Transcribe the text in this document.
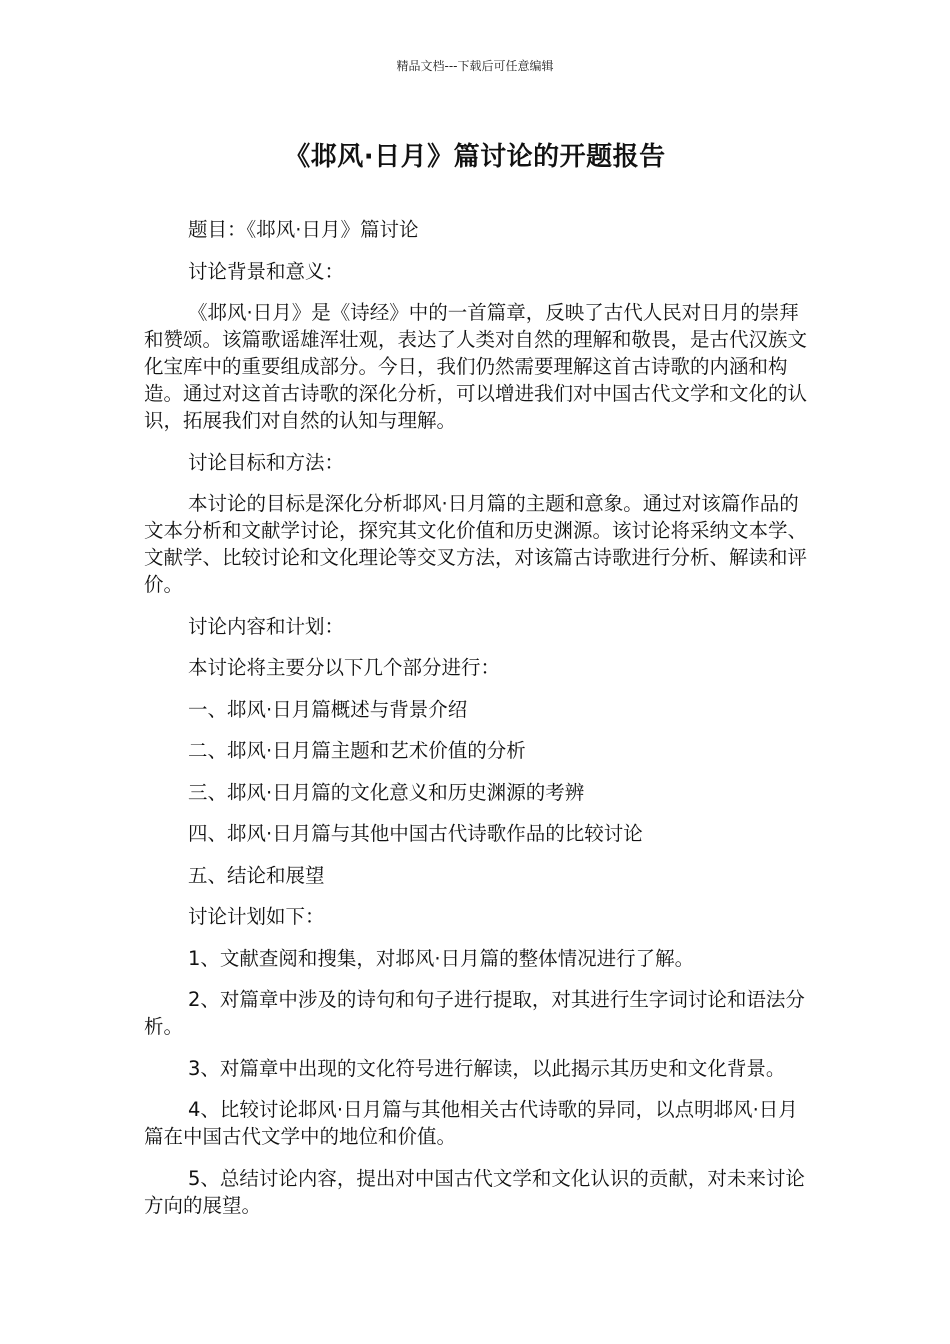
精品文档---下载后可任意编辑
《邶风·日月》篇讨论的开题报告

题目：《邶风·日月》篇讨论

讨论背景和意义：

《邶风·日月》是《诗经》中的一首篇章，反映了古代人民对日月的崇拜和赞颂。该篇歌谣雄浑壮观，表达了人类对自然的理解和敬畏，是古代汉族文化宝库中的重要组成部分。今日，我们仍然需要理解这首古诗歌的内涵和构造。通过对这首古诗歌的深化分析，可以增进我们对中国古代文学和文化的认识，拓展我们对自然的认知与理解。

讨论目标和方法：

本讨论的目标是深化分析邶风·日月篇的主题和意象。通过对该篇作品的文本分析和文献学讨论，探究其文化价值和历史渊源。该讨论将采纳文本学、文献学、比较讨论和文化理论等交叉方法，对该篇古诗歌进行分析、解读和评价。

讨论内容和计划：

本讨论将主要分以下几个部分进行：

一、邶风·日月篇概述与背景介绍

二、邶风·日月篇主题和艺术价值的分析

三、邶风·日月篇的文化意义和历史渊源的考辨

四、邶风·日月篇与其他中国古代诗歌作品的比较讨论

五、结论和展望

讨论计划如下：

1、文献查阅和搜集，对邶风·日月篇的整体情况进行了解。

2、对篇章中涉及的诗句和句子进行提取，对其进行生字词讨论和语法分析。

3、对篇章中出现的文化符号进行解读，以此揭示其历史和文化背景。

4、比较讨论邶风·日月篇与其他相关古代诗歌的异同，以点明邶风·日月篇在中国古代文学中的地位和价值。

5、总结讨论内容，提出对中国古代文学和文化认识的贡献，对未来讨论方向的展望。
